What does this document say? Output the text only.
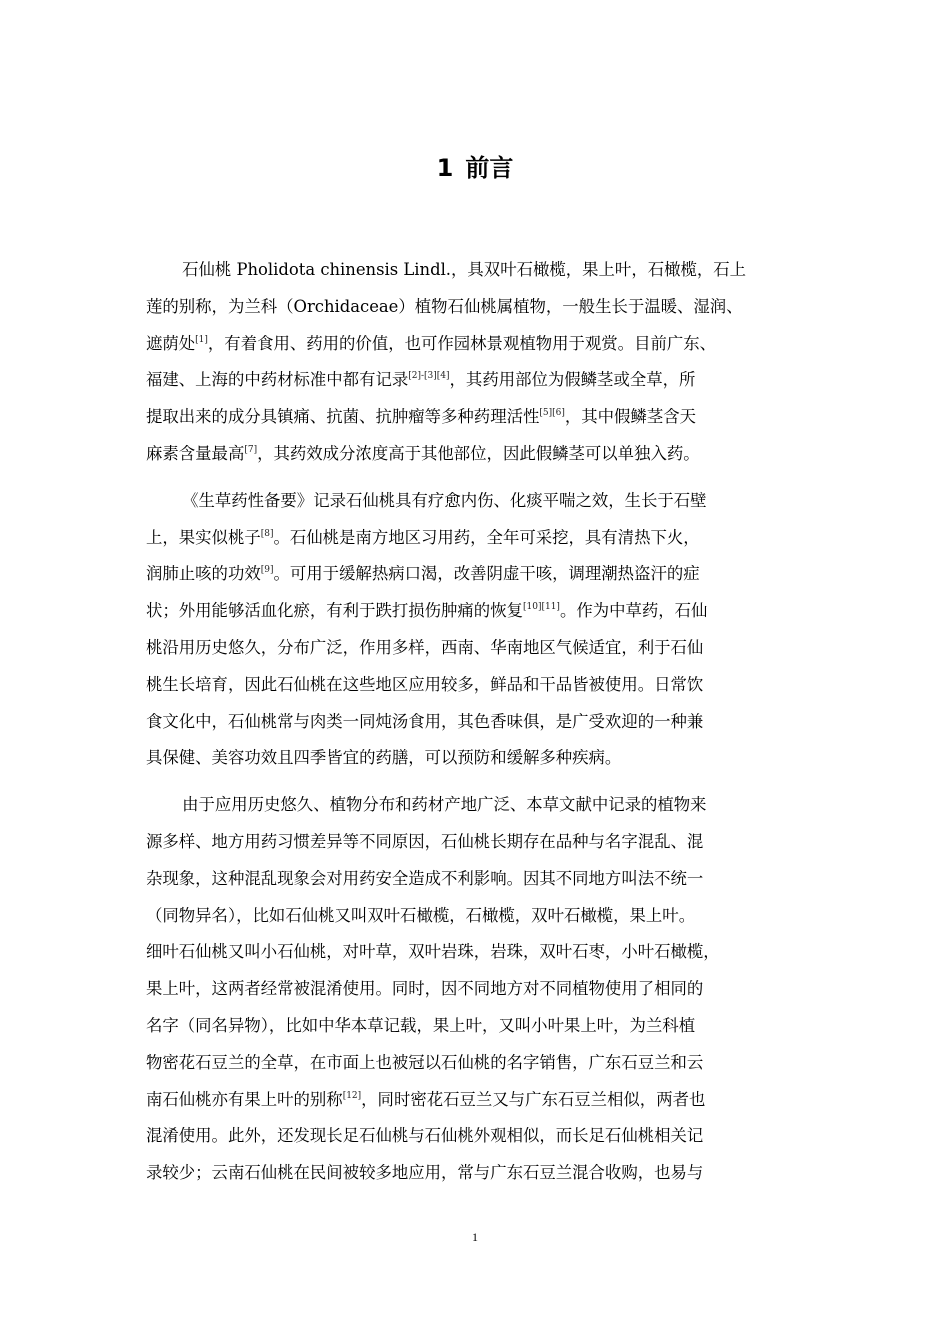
1 前言
石仙桃 Pholidota chinensis Lindl.，具双叶石橄榄，果上叶，石橄榄，石上
莲的别称，为兰科（Orchidaceae）植物石仙桃属植物，一般生长于温暖、湿润、
遮荫处[1]，有着食用、药用的价值，也可作园林景观植物用于观赏。目前广东、
福建、上海的中药材标准中都有记录[2]-[3][4]，其药用部位为假鳞茎或全草，所
提取出来的成分具镇痛、抗菌、抗肿瘤等多种药理活性[5][6]，其中假鳞茎含天
麻素含量最高[7]，其药效成分浓度高于其他部位，因此假鳞茎可以单独入药。
《生草药性备要》记录石仙桃具有疗愈内伤、化痰平喘之效，生长于石壁
上，果实似桃子[8]。石仙桃是南方地区习用药，全年可采挖，具有清热下火，
润肺止咳的功效[9]。可用于缓解热病口渴，改善阴虚干咳，调理潮热盗汗的症
状；外用能够活血化瘀，有利于跌打损伤肿痛的恢复[10][11]。作为中草药，石仙
桃沿用历史悠久，分布广泛，作用多样，西南、华南地区气候适宜，利于石仙
桃生长培育，因此石仙桃在这些地区应用较多，鲜品和干品皆被使用。日常饮
食文化中，石仙桃常与肉类一同炖汤食用，其色香味俱，是广受欢迎的一种兼
具保健、美容功效且四季皆宜的药膳，可以预防和缓解多种疾病。
由于应用历史悠久、植物分布和药材产地广泛、本草文献中记录的植物来
源多样、地方用药习惯差异等不同原因，石仙桃长期存在品种与名字混乱、混
杂现象，这种混乱现象会对用药安全造成不利影响。因其不同地方叫法不统一
（同物异名），比如石仙桃又叫双叶石橄榄，石橄榄，双叶石橄榄，果上叶。
细叶石仙桃又叫小石仙桃，对叶草，双叶岩珠，岩珠，双叶石枣，小叶石橄榄，
果上叶，这两者经常被混淆使用。同时，因不同地方对不同植物使用了相同的
名字（同名异物），比如中华本草记载，果上叶，又叫小叶果上叶，为兰科植
物密花石豆兰的全草，在市面上也被冠以石仙桃的名字销售，广东石豆兰和云
南石仙桃亦有果上叶的别称[12]，同时密花石豆兰又与广东石豆兰相似，两者也
混淆使用。此外，还发现长足石仙桃与石仙桃外观相似，而长足石仙桃相关记
录较少；云南石仙桃在民间被较多地应用，常与广东石豆兰混合收购，也易与
1
